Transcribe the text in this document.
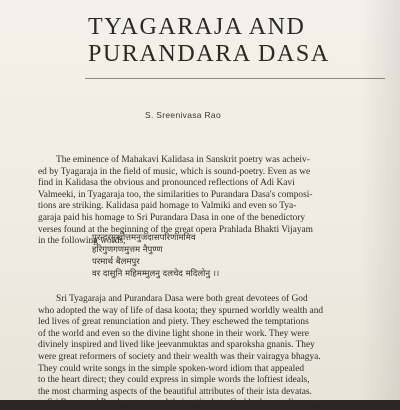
TYAGARAJA AND
PURANDARA DASA
S. Sreenivasa Rao

The eminence of Mahakavi Kalidasa in Sanskrit poetry was acheiv-
ed by Tyagaraja in the field of music, which is sound-poetry. Even as we
find in Kalidasa the obvious and pronounced reflections of Adi Kavi
Valmeeki, in Tyagaraja too, the similarities to Purandara Dasa's composi-
tions are striking. Kalidasa paid homage to Valmiki and even so Tya-
garaja paid his homage to Sri Purandara Dasa in one of the benedictory
verses found at the beginning of the great opera Prahlada Bhakti Vijayam
in the following words,

पुरन्दरमुखोत्तमनुजदासपरिणाममिव
हरिगुणगणमुत्तम नैपुण्ण
परमार्थ बैलमपुर
वर दासुनि महिमम्मुलनु दलचेद मदिलोनु ।।

Sri Tyagaraja and Purandara Dasa were both great devotees of God
who adopted the way of life of dasa koota; they spurned worldly wealth and
led lives of great renunciation and piety. They eschewed the temptations
of the world and even so the divine light shone in their work. They were
divinely inspired and lived like jeevanmuktas and sparoksha gnanis. They
were great reformers of society and their wealth was their vairagya bhagya.
They could write songs in the simple spoken-word idiom that appealed
to the heart direct; they could express in simple words the loftiest ideals,
the most charming aspects of the beautiful attributes of their ista devatas.
—Sri Rama and Panduranga—and their attitude to God had a peculiar spon-
